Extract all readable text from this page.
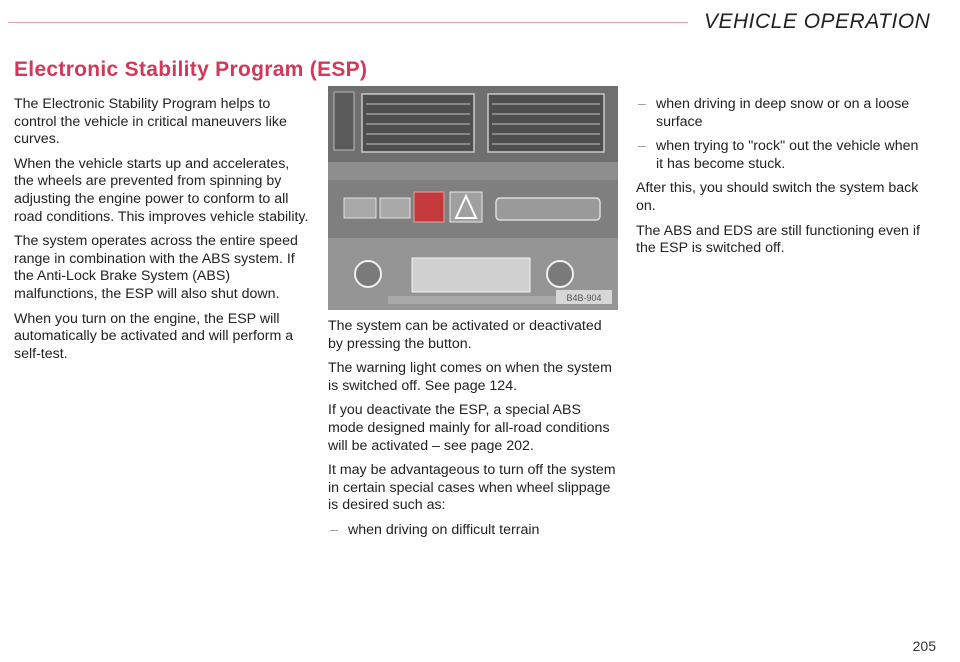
VEHICLE OPERATION
Electronic Stability Program (ESP)

The Electronic Stability Program helps to control the vehicle in critical maneuvers like curves.

When the vehicle starts up and accelerates, the wheels are prevented from spinning by adjusting the engine power to conform to all road conditions. This improves vehicle stability.

The system operates across the entire speed range in combination with the ABS system. If the Anti-Lock Brake System (ABS) malfunctions, the ESP will also shut down.

When you turn on the engine, the ESP will automatically be activated and will perform a self-test.

B4B-904

The system can be activated or deactivated by pressing the button.

The warning light comes on when the system is switched off. See page 124.

If you deactivate the ESP, a special ABS mode designed mainly for all-road conditions will be activated – see page 202.

It may be advantageous to turn off the system in certain special cases when wheel slippage is desired such as:

– when driving on difficult terrain
– when driving in deep snow or on a loose surface
– when trying to "rock" out the vehicle when it has become stuck.

After this, you should switch the system back on.

The ABS and EDS are still functioning even if the ESP is switched off.

205
